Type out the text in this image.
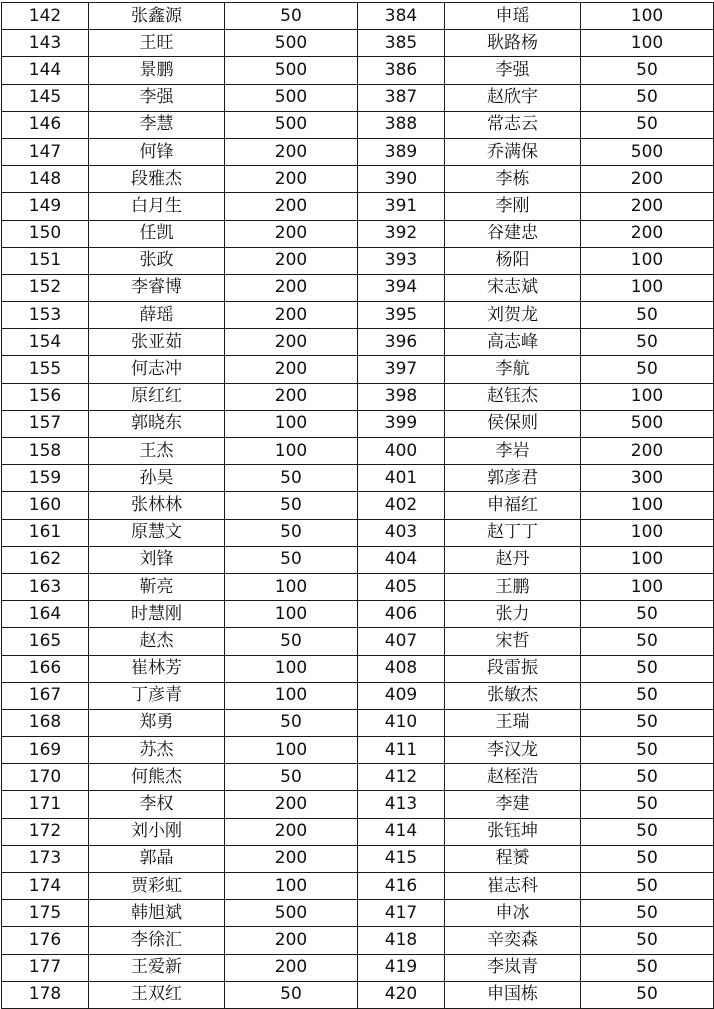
142	张鑫源	50	384	申瑶	100
143	王旺	500	385	耿路杨	100
144	景鹏	500	386	李强	50
145	李强	500	387	赵欣宇	50
146	李慧	500	388	常志云	50
147	何锋	200	389	乔满保	500
148	段雅杰	200	390	李栋	200
149	白月生	200	391	李刚	200
150	任凯	200	392	谷建忠	200
151	张政	200	393	杨阳	100
152	李睿博	200	394	宋志斌	100
153	薛瑶	200	395	刘贺龙	50
154	张亚茹	200	396	高志峰	50
155	何志冲	200	397	李航	50
156	原红红	200	398	赵钰杰	100
157	郭晓东	100	399	侯保则	500
158	王杰	100	400	李岩	200
159	孙昊	50	401	郭彦君	300
160	张林林	50	402	申福红	100
161	原慧文	50	403	赵丁丁	100
162	刘锋	50	404	赵丹	100
163	靳亮	100	405	王鹏	100
164	时慧刚	100	406	张力	50
165	赵杰	50	407	宋哲	50
166	崔林芳	100	408	段雷振	50
167	丁彦青	100	409	张敏杰	50
168	郑勇	50	410	王瑞	50
169	苏杰	100	411	李汉龙	50
170	何熊杰	50	412	赵桎浩	50
171	李权	200	413	李建	50
172	刘小刚	200	414	张钰坤	50
173	郭晶	200	415	程赟	50
174	贾彩虹	100	416	崔志科	50
175	韩旭斌	500	417	申冰	50
176	李徐汇	200	418	辛奕森	50
177	王爱新	200	419	李岚青	50
178	王双红	50	420	申国栋	50
